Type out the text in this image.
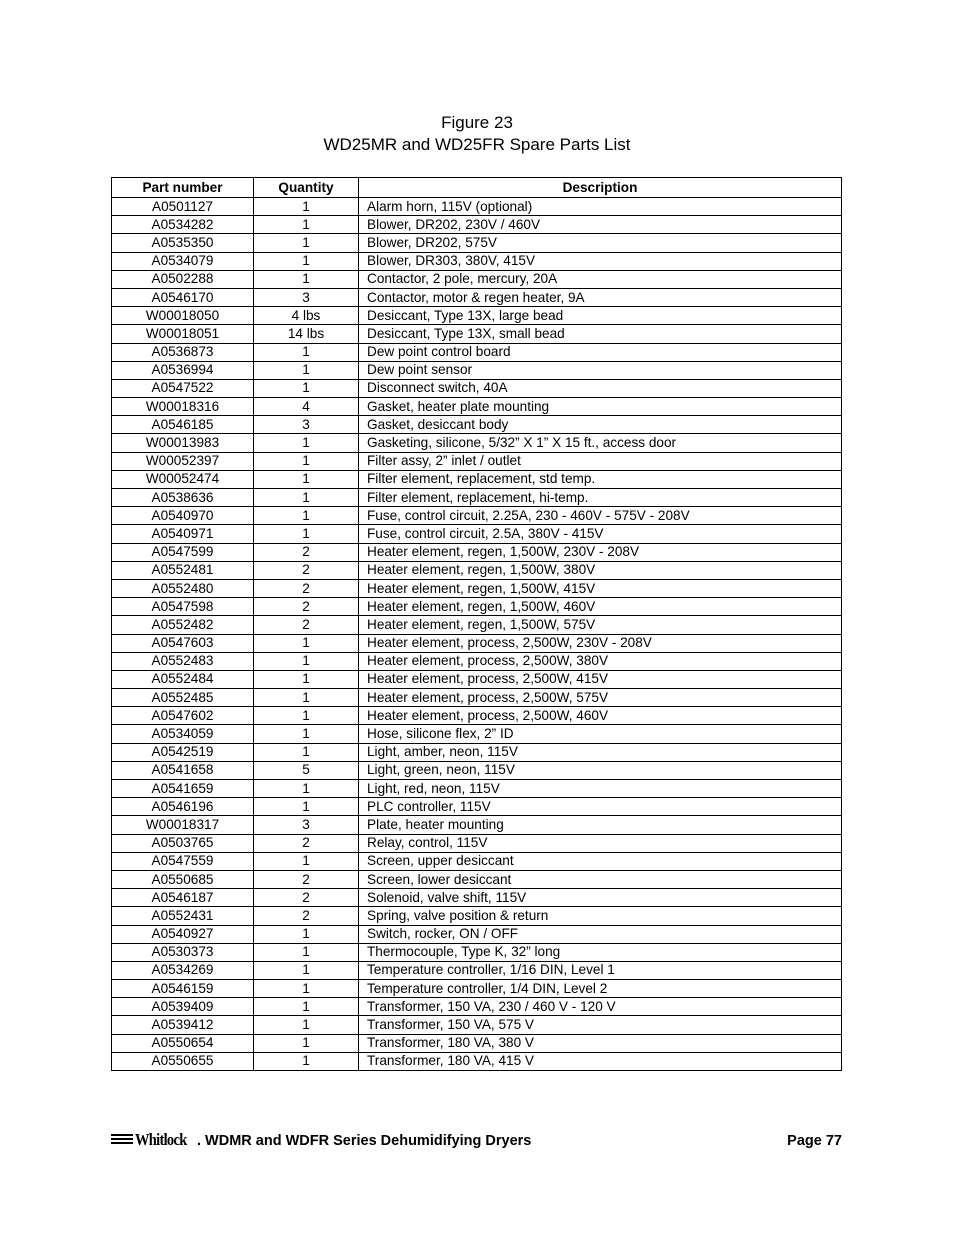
Figure 23
WD25MR and WD25FR Spare Parts List
Part number	Quantity	Description
A0501127	1	Alarm horn, 115V (optional)
A0534282	1	Blower, DR202, 230V / 460V
A0535350	1	Blower, DR202, 575V
A0534079	1	Blower, DR303, 380V, 415V
A0502288	1	Contactor, 2 pole, mercury, 20A
A0546170	3	Contactor, motor & regen heater, 9A
W00018050	4 lbs	Desiccant, Type 13X, large bead
W00018051	14 lbs	Desiccant, Type 13X, small bead
A0536873	1	Dew point control board
A0536994	1	Dew point sensor
A0547522	1	Disconnect switch, 40A
W00018316	4	Gasket, heater plate mounting
A0546185	3	Gasket, desiccant body
W00013983	1	Gasketing, silicone, 5/32” X 1” X 15 ft., access door
W00052397	1	Filter assy, 2” inlet / outlet
W00052474	1	Filter element, replacement, std temp.
A0538636	1	Filter element, replacement, hi-temp.
A0540970	1	Fuse, control circuit, 2.25A, 230 - 460V - 575V - 208V
A0540971	1	Fuse, control circuit, 2.5A, 380V - 415V
A0547599	2	Heater element, regen, 1,500W, 230V - 208V
A0552481	2	Heater element, regen, 1,500W, 380V
A0552480	2	Heater element, regen, 1,500W, 415V
A0547598	2	Heater element, regen, 1,500W, 460V
A0552482	2	Heater element, regen, 1,500W, 575V
A0547603	1	Heater element, process, 2,500W, 230V - 208V
A0552483	1	Heater element, process, 2,500W, 380V
A0552484	1	Heater element, process, 2,500W, 415V
A0552485	1	Heater element, process, 2,500W, 575V
A0547602	1	Heater element, process, 2,500W, 460V
A0534059	1	Hose, silicone flex, 2” ID
A0542519	1	Light, amber, neon, 115V
A0541658	5	Light, green, neon, 115V
A0541659	1	Light, red, neon, 115V
A0546196	1	PLC controller, 115V
W00018317	3	Plate, heater mounting
A0503765	2	Relay, control, 115V
A0547559	1	Screen, upper desiccant
A0550685	2	Screen, lower desiccant
A0546187	2	Solenoid, valve shift, 115V
A0552431	2	Spring, valve position & return
A0540927	1	Switch, rocker, ON / OFF
A0530373	1	Thermocouple, Type K, 32” long
A0534269	1	Temperature controller, 1/16 DIN, Level 1
A0546159	1	Temperature controller, 1/4 DIN, Level 2
A0539409	1	Transformer, 150 VA, 230 / 460 V - 120 V
A0539412	1	Transformer, 150 VA, 575 V
A0550654	1	Transformer, 180 VA, 380 V
A0550655	1	Transformer, 180 VA, 415 V
Whitlock . WDMR and WDFR Series Dehumidifying Dryers	Page 77
